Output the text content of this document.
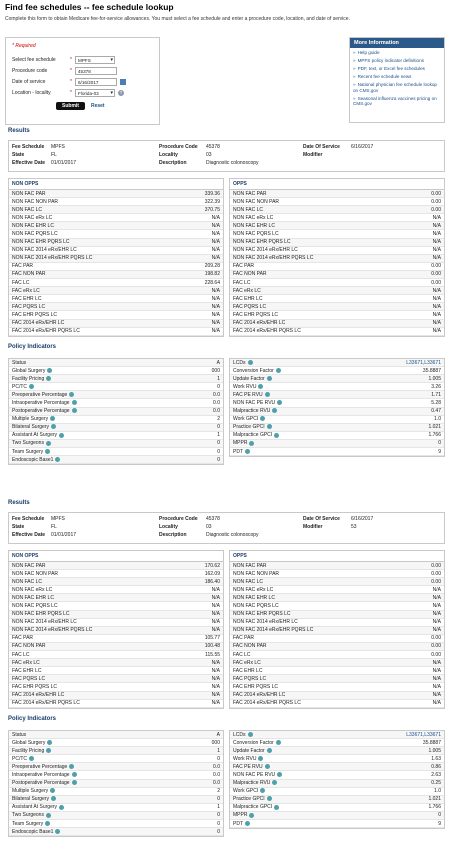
Find fee schedules -- fee schedule lookup
Complete this form to obtain Medicare fee-for-service allowances. You must select a fee schedule and enter a procedure code, location, and date of service.
* Required
Select fee schedule	*	MPFS ▾
Procedure code	*	45378
Date of service	*	6/16/2017
Location - locality	*	Florida-03 ▾	?
Submit	Reset
More Information
» Help guide
» MPFS policy indicator definitions
» PDF, text, or Excel fee schedules
» Recent fee schedule news
» National physician fee schedule lookup on CMS.gov
» Seasonal influenza vaccines pricing on CMS.gov
Results
Fee Schedule MPFS
State	FL
Effective Date 01/01/2017
Procedure Code 45378
Locality	03
Description	Diagnostic colonoscopy
Date Of Service 6/16/2017
Modifier
NON OPPS
NON FAC PAR	339.36
NON FAC NON PAR	322.39
NON FAC LC	370.75
NON FAC eRx LC	N/A
NON FAC EHR LC	N/A
NON FAC PQRS LC	N/A
NON FAC EHR PQRS LC	N/A
NON FAC 2014 eRx/EHR LC	N/A
NON FAC 2014 eRx/EHR PQRS LC	N/A
FAC PAR	209.28
FAC NON PAR	198.82
FAC LC	228.64
FAC eRx LC	N/A
FAC EHR LC	N/A
FAC PQRS LC	N/A
FAC EHR PQRS LC	N/A
FAC 2014 eRx/EHR LC	N/A
FAC 2014 eRx/EHR PQRS LC	N/A
OPPS
NON FAC PAR	0.00
NON FAC NON PAR	0.00
NON FAC LC	0.00
NON FAC eRx LC	N/A
NON FAC EHR LC	N/A
NON FAC PQRS LC	N/A
NON FAC EHR PQRS LC	N/A
NON FAC 2014 eRx/EHR LC	N/A
NON FAC 2014 eRx/EHR PQRS LC	N/A
FAC PAR	0.00
FAC NON PAR	0.00
FAC LC	0.00
FAC eRx LC	N/A
FAC EHR LC	N/A
FAC PQRS LC	N/A
FAC EHR PQRS LC	N/A
FAC 2014 eRx/EHR LC	N/A
FAC 2014 eRx/EHR PQRS LC	N/A
Policy Indicators
Status	A
Global Surgery	000
Facility Pricing	1
PC/TC	0
Preoperative Percentage	0.0
Intraoperative Percentage	0.0
Postoperative Percentage	0.0
Multiple Surgery	2
Bilateral Surgery	0
Assistant At Surgery	1
Two Surgeons	0
Team Surgery	0
Endoscopic Base1	0
LCDs	L33671,L33671
Conversion Factor	35.8887
Update Factor	1.005
Work RVU	3.26
FAC PE RVU	1.71
NON FAC PE RVU	5.28
Malpractice RVU	0.47
Work GPCI	1.0
Practice GPCI	1.021
Malpractice GPCI	1.766
MPPR	0
PDT	9
Results
Fee Schedule MPFS
State	FL
Effective Date 01/01/2017
Procedure Code 45378
Locality	03
Description	Diagnostic colonoscopy
Date Of Service 6/16/2017
Modifier	53
NON OPPS
NON FAC PAR	170.62
NON FAC NON PAR	162.09
NON FAC LC	186.40
NON FAC eRx LC	N/A
NON FAC EHR LC	N/A
NON FAC PQRS LC	N/A
NON FAC EHR PQRS LC	N/A
NON FAC 2014 eRx/EHR LC	N/A
NON FAC 2014 eRx/EHR PQRS LC	N/A
FAC PAR	105.77
FAC NON PAR	100.48
FAC LC	115.55
FAC eRx LC	N/A
FAC EHR LC	N/A
FAC PQRS LC	N/A
FAC EHR PQRS LC	N/A
FAC 2014 eRx/EHR LC	N/A
FAC 2014 eRx/EHR PQRS LC	N/A
OPPS
NON FAC PAR	0.00
NON FAC NON PAR	0.00
NON FAC LC	0.00
NON FAC eRx LC	N/A
NON FAC EHR LC	N/A
NON FAC PQRS LC	N/A
NON FAC EHR PQRS LC	N/A
NON FAC 2014 eRx/EHR LC	N/A
NON FAC 2014 eRx/EHR PQRS LC	N/A
FAC PAR	0.00
FAC NON PAR	0.00
FAC LC	0.00
FAC eRx LC	N/A
FAC EHR LC	N/A
FAC PQRS LC	N/A
FAC EHR PQRS LC	N/A
FAC 2014 eRx/EHR LC	N/A
FAC 2014 eRx/EHR PQRS LC	N/A
Policy Indicators
Status	A
Global Surgery	000
Facility Pricing	1
PC/TC	0
Preoperative Percentage	0.0
Intraoperative Percentage	0.0
Postoperative Percentage	0.0
Multiple Surgery	2
Bilateral Surgery	0
Assistant At Surgery	1
Two Surgeons	0
Team Surgery	0
Endoscopic Base1	0
LCDs	L33671,L33671
Conversion Factor	35.8887
Update Factor	1.005
Work RVU	1.63
FAC PE RVU	0.86
NON FAC PE RVU	2.63
Malpractice RVU	0.25
Work GPCI	1.0
Practice GPCI	1.021
Malpractice GPCI	1.766
MPPR	0
PDT	9
